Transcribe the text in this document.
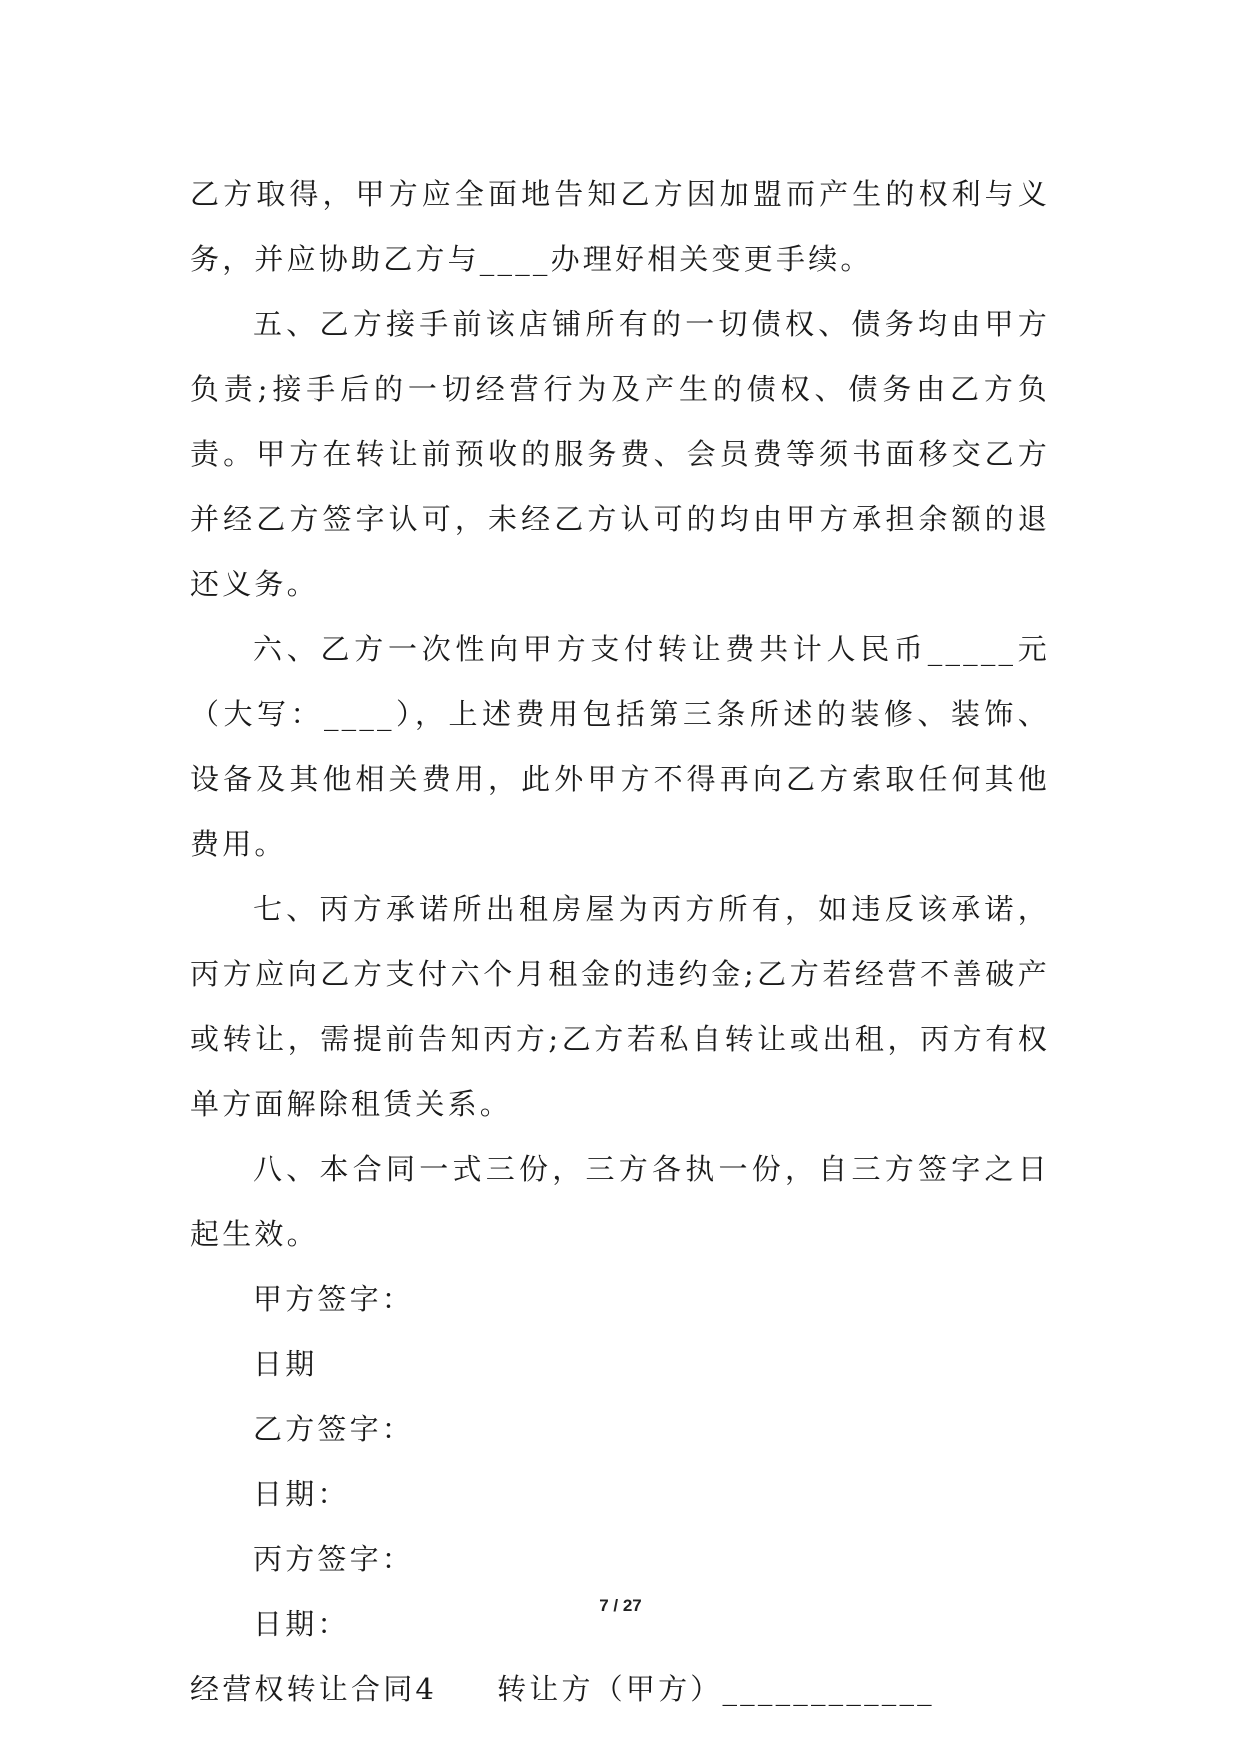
乙方取得，甲方应全面地告知乙方因加盟而产生的权利与义务，并应协助乙方与____办理好相关变更手续。

五、乙方接手前该店铺所有的一切债权、债务均由甲方负责;接手后的一切经营行为及产生的债权、债务由乙方负责。甲方在转让前预收的服务费、会员费等须书面移交乙方并经乙方签字认可，未经乙方认可的均由甲方承担余额的退还义务。

六、乙方一次性向甲方支付转让费共计人民币_____元（大写：____），上述费用包括第三条所述的装修、装饰、设备及其他相关费用，此外甲方不得再向乙方索取任何其他费用。

七、丙方承诺所出租房屋为丙方所有，如违反该承诺，丙方应向乙方支付六个月租金的违约金;乙方若经营不善破产或转让，需提前告知丙方;乙方若私自转让或出租，丙方有权单方面解除租赁关系。

八、本合同一式三份，三方各执一份，自三方签字之日起生效。

甲方签字：

日期

乙方签字：

日期：

丙方签字：

日期：

经营权转让合同4 转让方（甲方）____________

7 / 27
